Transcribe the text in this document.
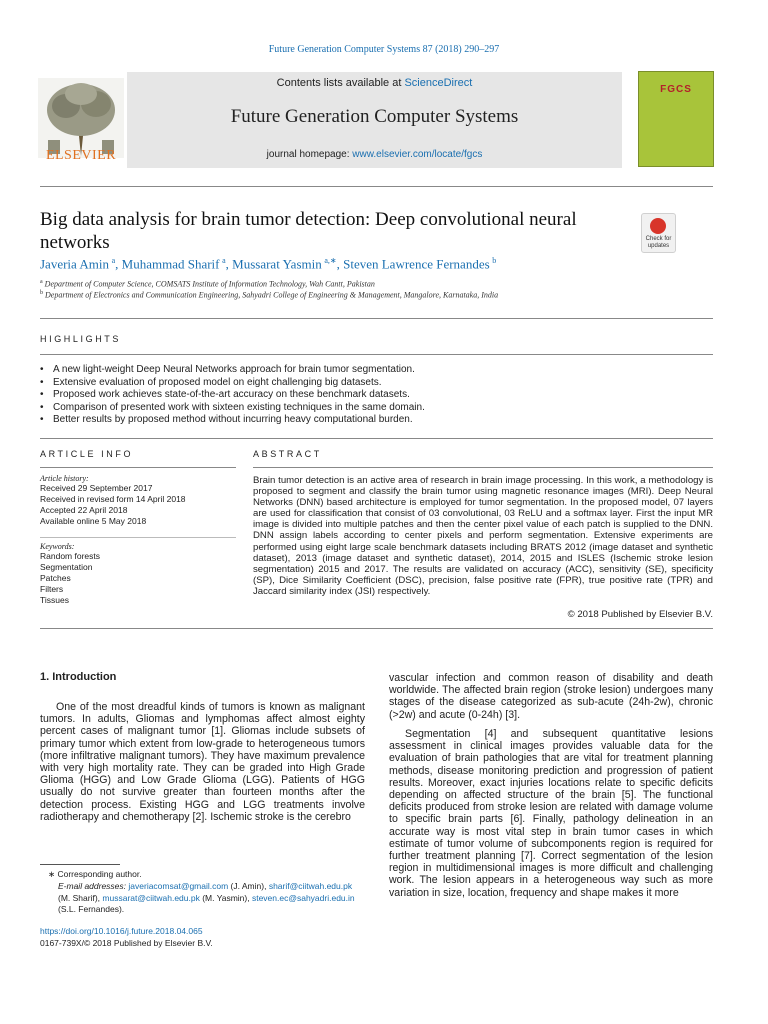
Future Generation Computer Systems 87 (2018) 290–297
ELSEVIER
Contents lists available at ScienceDirect
Future Generation Computer Systems
journal homepage: www.elsevier.com/locate/fgcs
FGCS
Big data analysis for brain tumor detection: Deep convolutional neural networks	Check for updates
Javeria Amin  $^a$, Muhammad Sharif  $^a$, Mussarat Yasmin  $^{a,∗}$, Steven Lawrence Fernandes  $^b$
$^a$ Department of Computer Science, COMSATS Institute of Information Technology, Wah Cantt, Pakistan
$^b$ Department of Electronics and Communication Engineering, Sahyadri College of Engineering & Management, Mangalore, Karnataka, India
HIGHLIGHTS
• A new light-weight Deep Neural Networks approach for brain tumor segmentation.
• Extensive evaluation of proposed model on eight challenging big datasets.
• Proposed work achieves state-of-the-art accuracy on these benchmark datasets.
• Comparison of presented work with sixteen existing techniques in the same domain.
• Better results by proposed method without incurring heavy computational burden.
ARTICLE INFO
Article history:
Received 29 September 2017
Received in revised form 14 April 2018
Accepted 22 April 2018
Available online 5 May 2018
Keywords:
Random forests
Segmentation
Patches
Filters
Tissues
ABSTRACT
Brain tumor detection is an active area of research in brain image processing. In this work, a methodology is proposed to segment and classify the brain tumor using magnetic resonance images (MRI). Deep Neural Networks (DNN) based architecture is employed for tumor segmentation. In the proposed model, 07 layers are used for classification that consist of 03 convolutional, 03 ReLU and a softmax layer. First the input MR image is divided into multiple patches and then the center pixel value of each patch is supplied to the DNN. DNN assign labels according to center pixels and perform segmentation. Extensive experiments are performed using eight large scale benchmark datasets including BRATS 2012 (image dataset and synthetic dataset), 2013 (image dataset and synthetic dataset), 2014, 2015 and ISLES (Ischemic stroke lesion segmentation) 2015 and 2017. The results are validated on accuracy (ACC), sensitivity (SE), specificity (SP), Dice Similarity Coefficient (DSC), precision, false positive rate (FPR), true positive rate (TPR) and Jaccard similarity index (JSI) respectively.
© 2018 Published by Elsevier B.V.
1. Introduction
One of the most dreadful kinds of tumors is known as malignant tumors. In adults, Gliomas and lymphomas affect almost eighty percent cases of malignant tumor [1]. Gliomas include subsets of primary tumor which extent from low-grade to heterogeneous tumors (more infiltrative malignant tumors). They have maximum prevalence with very high mortality rate. They can be graded into High Grade Glioma (HGG) and Low Grade Glioma (LGG). Patients of HGG usually do not survive greater than fourteen months after the detection process. Existing HGG and LGG treatments involve radiotherapy and chemotherapy [2]. Ischemic stroke is the cerebro
vascular infection and common reason of disability and death worldwide. The affected brain region (stroke lesion) undergoes many stages of the disease categorized as sub-acute (24h-2w), chronic (>2w) and acute (0-24h) [3].
Segmentation [4] and subsequent quantitative lesions assessment in clinical images provides valuable data for the evaluation of brain pathologies that are vital for treatment planning methods, disease monitoring prediction and progression of patient results. Moreover, exact injuries locations relate to specific deficits depending on affected structure of the brain [5]. The functional deficits produced from stroke lesion are related with damage volume to specific brain parts [6]. Finally, pathology delineation in an accurate way is most vital step in brain tumor cases in which estimate of tumor volume of subcomponents region is required for further treatment planning [7]. Correct segmentation of the lesion region in multidimensional images is more difficult and challenging work. The lesion appears in a heterogeneous way such as more variation in size, location, frequency and shape makes it more
∗ Corresponding author.
E-mail addresses: javeriacomsat@gmail.com (J. Amin), sharif@ciitwah.edu.pk
(M. Sharif), mussarat@ciitwah.edu.pk (M. Yasmin), steven.ec@sahyadri.edu.in
(S.L. Fernandes).
https://doi.org/10.1016/j.future.2018.04.065
0167-739X/© 2018 Published by Elsevier B.V.
